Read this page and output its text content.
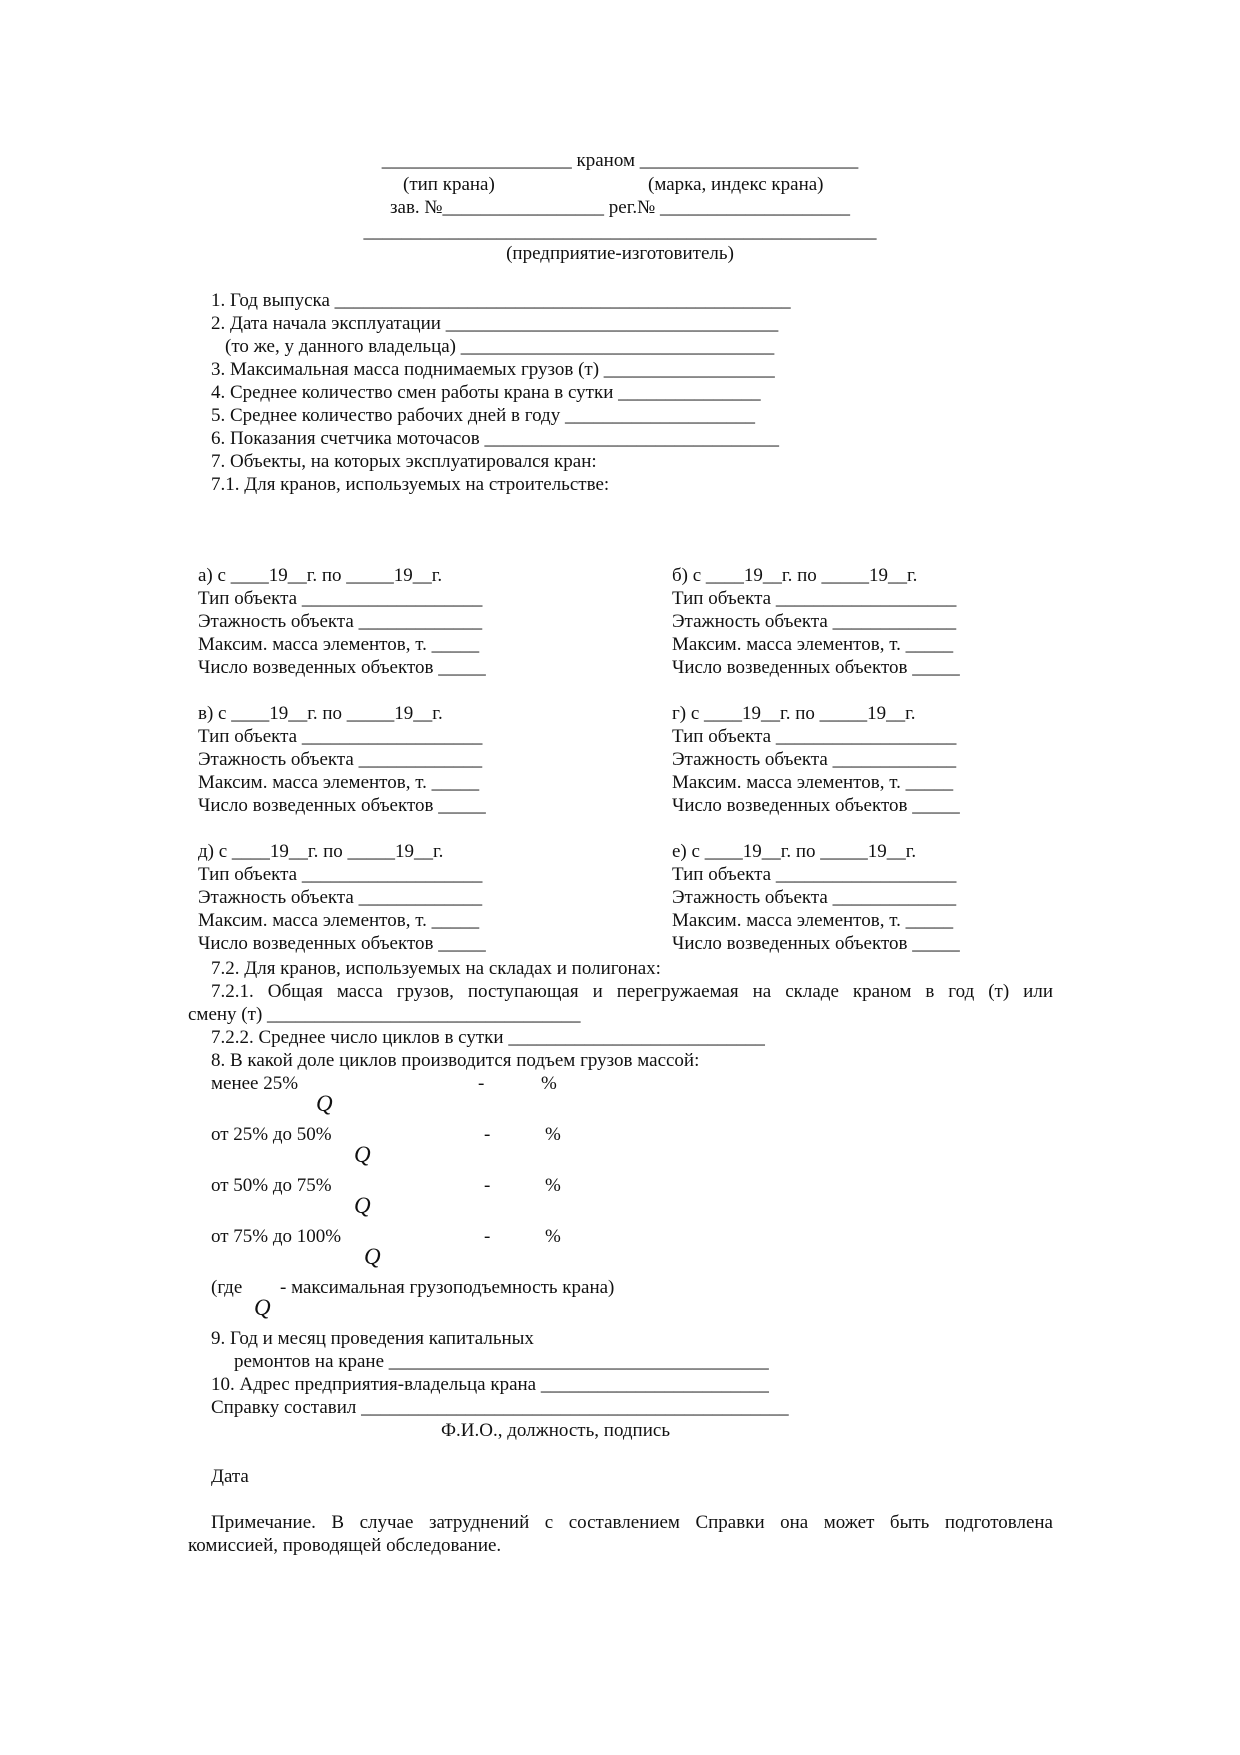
____________________ краном _______________________
(тип крана)	(марка, индекс крана)
зав. №_________________ рег.№ ____________________
______________________________________________________
(предприятие-изготовитель)
1. Год выпуска ________________________________________________
2. Дата начала эксплуатации ___________________________________
(то же, у данного владельца) _________________________________
3. Максимальная масса поднимаемых грузов (т) __________________
4. Среднее количество смен работы крана в сутки _______________
5. Среднее количество рабочих дней в году ____________________
6. Показания счетчика моточасов _______________________________
7. Объекты, на которых эксплуатировался кран:
7.1. Для кранов, используемых на строительстве:

а) с ____19__г. по _____19__г.
Тип объекта ___________________
Этажность объекта _____________
Максим. масса элементов, т. _____
Число возведенных объектов _____

б) с ____19__г. по _____19__г.
Тип объекта ___________________
Этажность объекта _____________
Максим. масса элементов, т. _____
Число возведенных объектов _____

в) с ____19__г. по _____19__г.
Тип объекта ___________________
Этажность объекта _____________
Максим. масса элементов, т. _____
Число возведенных объектов _____

г) с ____19__г. по _____19__г.
Тип объекта ___________________
Этажность объекта _____________
Максим. масса элементов, т. _____
Число возведенных объектов _____

д) с ____19__г. по _____19__г.
Тип объекта ___________________
Этажность объекта _____________
Максим. масса элементов, т. _____
Число возведенных объектов _____

е) с ____19__г. по _____19__г.
Тип объекта ___________________
Этажность объекта _____________
Максим. масса элементов, т. _____
Число возведенных объектов _____

7.2. Для кранов, используемых на складах и полигонах:
7.2.1. Общая масса грузов, поступающая и перегружаемая на складе краном в год (т) или
смену (т) _________________________________
7.2.2. Среднее число циклов в сутки ___________________________
8. В какой доле циклов производится подъем грузов массой:
менее 25%	-	%
Q
от 25% до 50%	-	%
Q
от 50% до 75%	-	%
Q
от 75% до 100%	-	%
Q
(где - максимальная грузоподъемность крана)
Q
9. Год и месяц проведения капитальных
ремонтов на кране ________________________________________
10. Адрес предприятия-владельца крана ________________________
Справку составил _____________________________________________
Ф.И.О., должность, подпись
Дата
Примечание. В случае затруднений с составлением Справки она может быть подготовлена
комиссией, проводящей обследование.
